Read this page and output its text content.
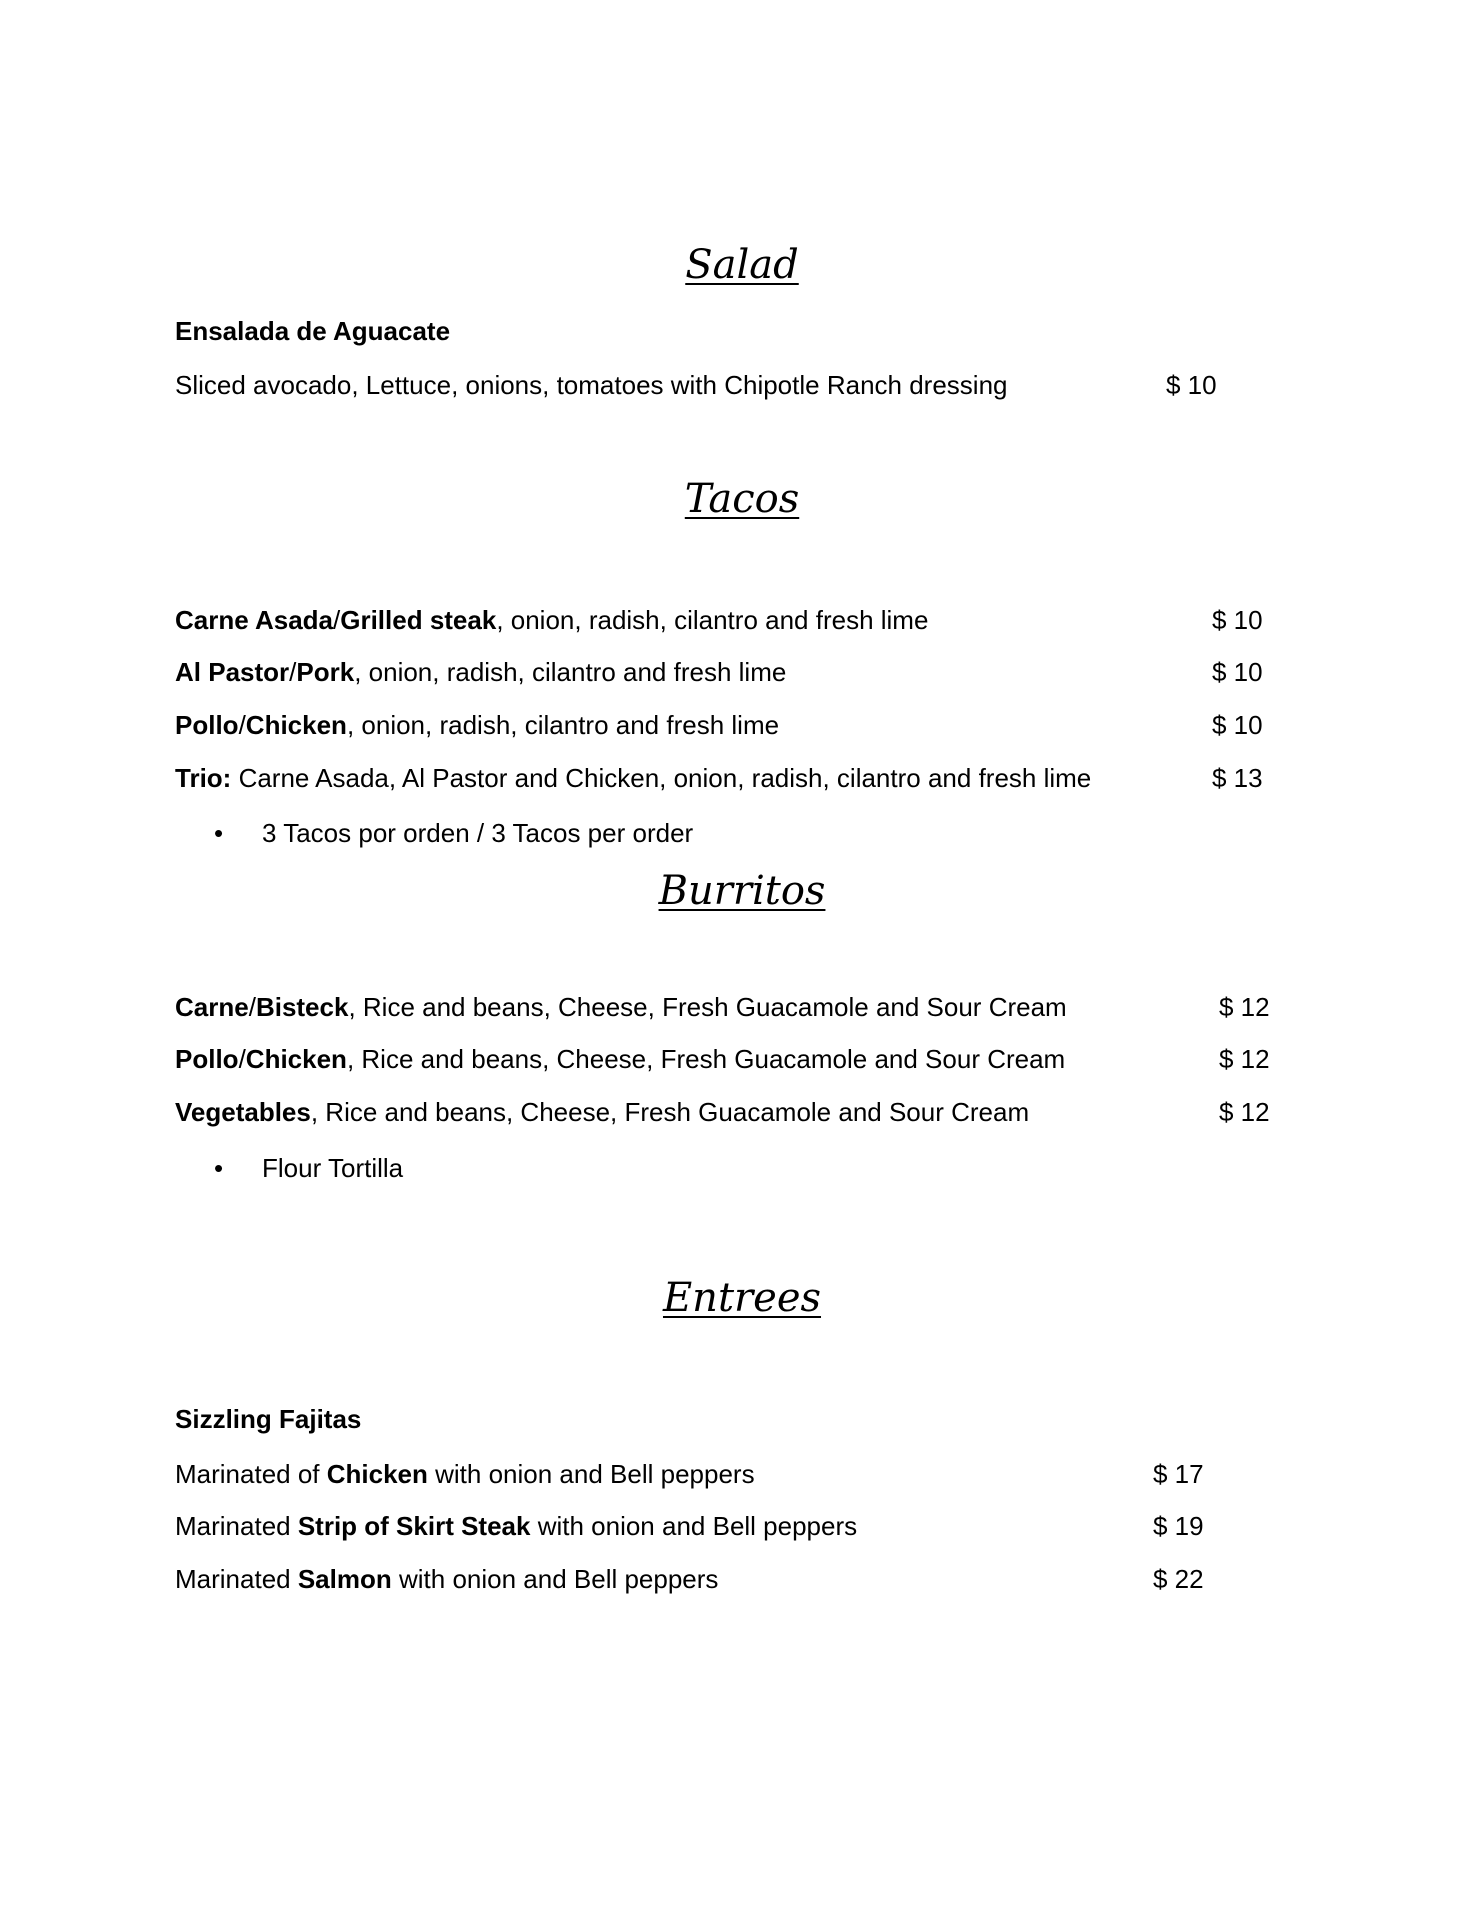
Salad
Ensalada de Aguacate
Sliced avocado, Lettuce, onions, tomatoes with Chipotle Ranch dressing	$ 10
Tacos
Carne Asada/Grilled steak, onion, radish, cilantro and fresh lime	$ 10
Al Pastor/Pork, onion, radish, cilantro and fresh lime	$ 10
Pollo/Chicken, onion, radish, cilantro and fresh lime	$ 10
Trio: Carne Asada, Al Pastor and Chicken, onion, radish, cilantro and fresh lime	$ 13
• 3 Tacos por orden / 3 Tacos per order
Burritos
Carne/Bisteck, Rice and beans, Cheese, Fresh Guacamole and Sour Cream	$ 12
Pollo/Chicken, Rice and beans, Cheese, Fresh Guacamole and Sour Cream	$ 12
Vegetables, Rice and beans, Cheese, Fresh Guacamole and Sour Cream	$ 12
• Flour Tortilla
Entrees
Sizzling Fajitas
Marinated of Chicken with onion and Bell peppers	$ 17
Marinated Strip of Skirt Steak with onion and Bell peppers	$ 19
Marinated Salmon with onion and Bell peppers	$ 22
